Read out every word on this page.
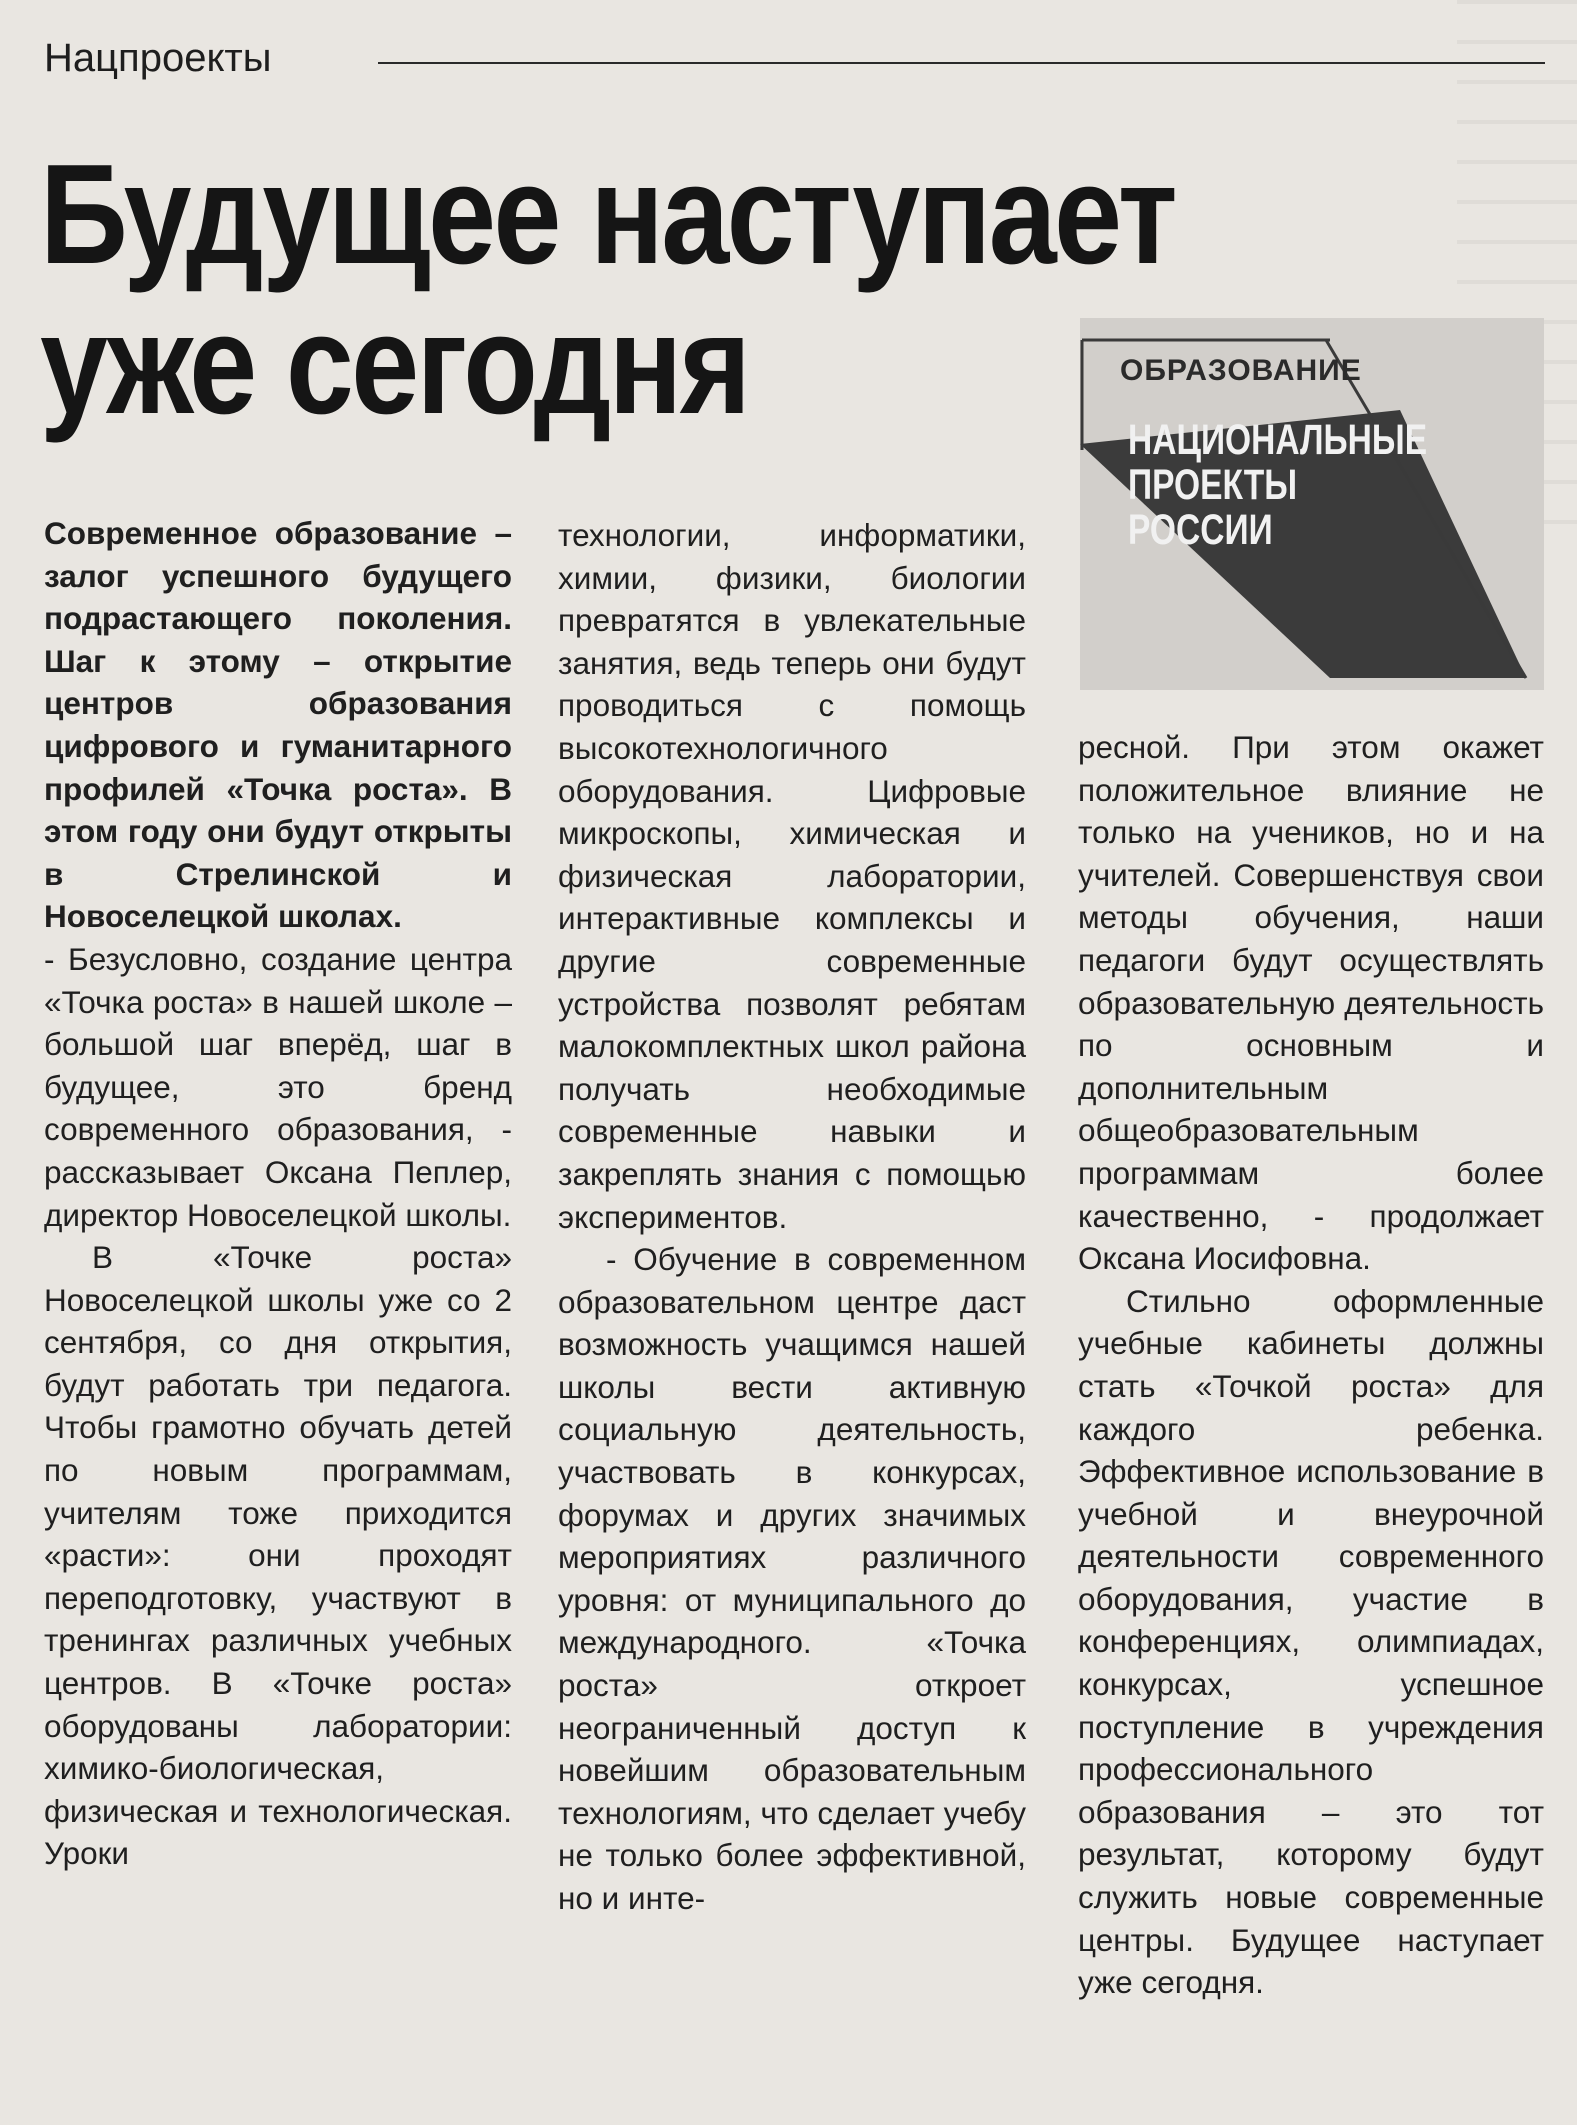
Нацпроекты
Будущее наступает
уже сегодня	ОБРАЗОВАНИЕ
НАЦИОНАЛЬНЫЕ
ПРОЕКТЫ
РОССИИ

Современное образование – залог успешного будущего подрастающего поколения. Шаг к этому – открытие центров образования цифрового и гуманитарного профилей «Точка роста». В этом году они будут открыты в Стрелинской и Новоселецкой школах.

- Безусловно, создание центра «Точка роста» в нашей школе – большой шаг вперёд, шаг в будущее, это бренд современного образования, - рассказывает Оксана Пеплер, директор Новоселецкой школы.

В «Точке роста» Новоселецкой школы уже со 2 сентября, со дня открытия, будут работать три педагога. Чтобы грамотно обучать детей по новым программам, учителям тоже приходится «расти»: они проходят переподготовку, участвуют в тренингах различных учебных центров. В «Точке роста» оборудованы лаборатории: химико-биологическая, физическая и технологическая. Уроки

технологии, информатики, химии, физики, биологии превратятся в увлекательные занятия, ведь теперь они будут проводиться с помощь высокотехнологичного оборудования. Цифровые микроскопы, химическая и физическая лаборатории, интерактивные комплексы и другие современные устройства позволят ребятам малокомплектных школ района получать необходимые современные навыки и закреплять знания с помощью экспериментов.

- Обучение в современном образовательном центре даст возможность учащимся нашей школы вести активную социальную деятельность, участвовать в конкурсах, форумах и других значимых мероприятиях различного уровня: от муниципального до международного. «Точка роста» откроет неограниченный доступ к новейшим образовательным технологиям, что сделает учебу не только более эффективной, но и инте-

ресной. При этом окажет положительное влияние не только на учеников, но и на учителей. Совершенствуя свои методы обучения, наши педагоги будут осуществлять образовательную деятельность по основным и дополнительным общеобразовательным программам более качественно, - продолжает Оксана Иосифовна.

Стильно оформленные учебные кабинеты должны стать «Точкой роста» для каждого ребенка. Эффективное использование в учебной и внеурочной деятельности современного оборудования, участие в конференциях, олимпиадах, конкурсах, успешное поступление в учреждения профессионального образования – это тот результат, которому будут служить новые современные центры. Будущее наступает уже сегодня.
